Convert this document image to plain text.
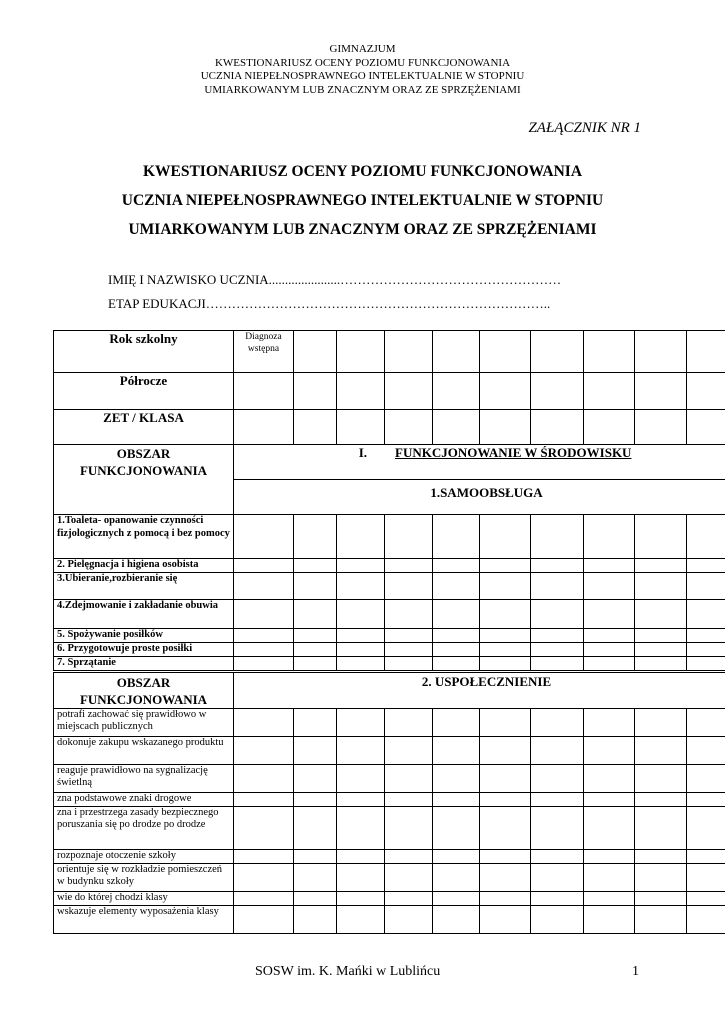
GIMNAZJUM
KWESTIONARIUSZ OCENY POZIOMU FUNKCJONOWANIA
UCZNIA NIEPEŁNOSPRAWNEGO INTELEKTUALNIE W STOPNIU
UMIARKOWANYM LUB ZNACZNYM ORAZ ZE SPRZĘŻENIAMI
ZAŁĄCZNIK NR 1
KWESTIONARIUSZ OCENY POZIOMU FUNKCJONOWANIA
UCZNIA NIEPEŁNOSPRAWNEGO INTELEKTUALNIE W STOPNIU
UMIARKOWANYM LUB ZNACZNYM ORAZ ZE SPRZĘŻENIAMI
IMIĘ I NAZWISKO UCZNIA......................……………………………………………
ETAP EDUKACJI……………………………………………………………………..
Rok szkolny	Diagnoza wstępna									
Półrocze										
ZET / KLASA										
OBSZAR FUNKCJONOWANIA	I. FUNKCJONOWANIE W ŚRODOWISKU									
	1.SAMOOBSŁUGA									
1.Toaleta- opanowanie czynności fizjologicznych z pomocą i bez pomocy										
2. Pielęgnacja i higiena osobista										
3.Ubieranie,rozbieranie się										
4.Zdejmowanie i zakładanie obuwia										
5. Spożywanie posiłków										
6. Przygotowuje proste posiłki										
7. Sprzątanie										
OBSZAR FUNKCJONOWANIA	2. USPOŁECZNIENIE									
potrafi zachować się prawidłowo w miejscach publicznych										
dokonuje zakupu wskazanego produktu										
reaguje prawidłowo na sygnalizację świetlną										
zna podstawowe znaki drogowe										
zna i przestrzega zasady bezpiecznego poruszania się po drodze po drodze										
rozpoznaje otoczenie szkoły										
orientuje się w rozkładzie pomieszczeń w budynku szkoły										
wie do której chodzi klasy										
wskazuje elementy wyposażenia klasy										
SOSW im. K. Mańki w Lublińcu	1
